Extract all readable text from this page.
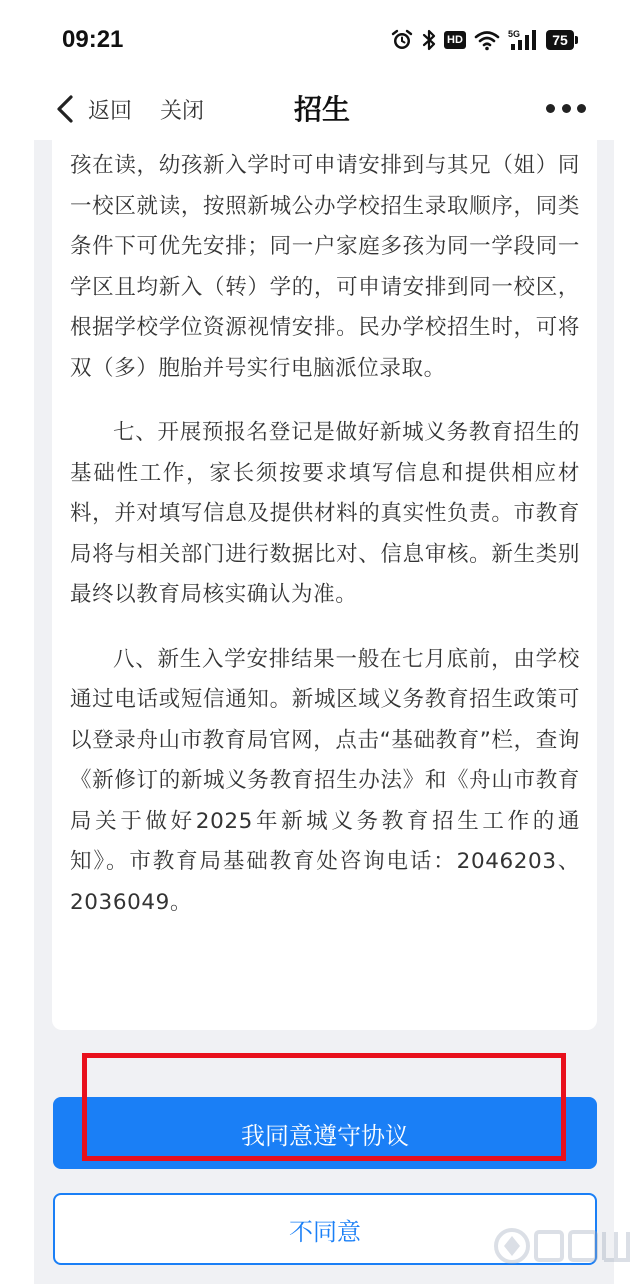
09:21	HD	5G	75
返回 关闭	招生

孩在读，幼孩新入学时可申请安排到与其兄（姐）同一校区就读，按照新城公办学校招生录取顺序，同类条件下可优先安排；同一户家庭多孩为同一学段同一学区且均新入（转）学的，可申请安排到同一校区，根据学校学位资源视情安排。民办学校招生时，可将双（多）胞胎并号实行电脑派位录取。

七、开展预报名登记是做好新城义务教育招生的基础性工作，家长须按要求填写信息和提供相应材料，并对填写信息及提供材料的真实性负责。市教育局将与相关部门进行数据比对、信息审核。新生类别最终以教育局核实确认为准。

八、新生入学安排结果一般在七月底前，由学校通过电话或短信通知。新城区域义务教育招生政策可以登录舟山市教育局官网，点击“基础教育”栏，查询《新修订的新城义务教育招生办法》和《舟山市教育局关于做好2025年新城义务教育招生工作的通知》。市教育局基础教育处咨询电话：2046203、2036049。

我同意遵守协议
不同意
